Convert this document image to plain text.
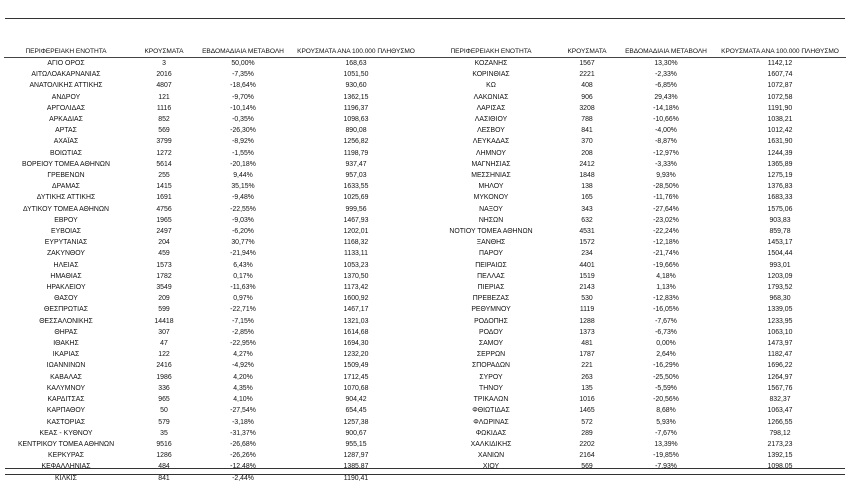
ΠΕΡΙΦΕΡΕΙΑΚΗ ΕΝΟΤΗΤΑ	ΚΡΟΥΣΜΑΤΑ	ΕΒΔΟΜΑΔΙΑΙΑ ΜΕΤΑΒΟΛΗ	ΚΡΟΥΣΜΑΤΑ ΑΝΑ 100.000 ΠΛΗΘΥΣΜΟ	ΠΕΡΙΦΕΡΕΙΑΚΗ ΕΝΟΤΗΤΑ	ΚΡΟΥΣΜΑΤΑ	ΕΒΔΟΜΑΔΙΑΙΑ ΜΕΤΑΒΟΛΗ	ΚΡΟΥΣΜΑΤΑ ΑΝΑ 100.000 ΠΛΗΘΥΣΜΟ
ΑΓΙΟ ΟΡΟΣ	3	50,00%	168,63	ΚΟΖΑΝΗΣ	1567	13,30%	1142,12
ΑΙΤΩΛΟΑΚΑΡΝΑΝΙΑΣ	2016	-7,35%	1051,50	ΚΟΡΙΝΘΙΑΣ	2221	-2,33%	1607,74
ΑΝΑΤΟΛΙΚΗΣ ΑΤΤΙΚΗΣ	4807	-18,64%	930,60	ΚΩ	408	-6,85%	1072,87
ΑΝΔΡΟΥ	121	-9,70%	1362,15	ΛΑΚΩΝΙΑΣ	906	29,43%	1072,58
ΑΡΓΟΛΙΔΑΣ	1116	-10,14%	1196,37	ΛΑΡΙΣΑΣ	3208	-14,18%	1191,90
ΑΡΚΑΔΙΑΣ	852	-0,35%	1098,63	ΛΑΣΙΘΙΟΥ	788	-10,66%	1038,21
ΑΡΤΑΣ	569	-26,30%	890,08	ΛΕΣΒΟΥ	841	-4,00%	1012,42
ΑΧΑΪΑΣ	3799	-8,92%	1256,82	ΛΕΥΚΑΔΑΣ	370	-8,87%	1631,90
ΒΟΙΩΤΙΑΣ	1272	-1,55%	1198,79	ΛΗΜΝΟΥ	208	-12,97%	1244,39
ΒΟΡΕΙΟΥ ΤΟΜΕΑ ΑΘΗΝΩΝ	5614	-20,18%	937,47	ΜΑΓΝΗΣΙΑΣ	2412	-3,33%	1365,89
ΓΡΕΒΕΝΩΝ	255	9,44%	957,03	ΜΕΣΣΗΝΙΑΣ	1848	9,93%	1275,19
ΔΡΑΜΑΣ	1415	35,15%	1633,55	ΜΗΛΟΥ	138	-28,50%	1376,83
ΔΥΤΙΚΗΣ ΑΤΤΙΚΗΣ	1691	-9,48%	1025,69	ΜΥΚΟΝΟΥ	165	-11,76%	1683,33
ΔΥΤΙΚΟΥ ΤΟΜΕΑ ΑΘΗΝΩΝ	4756	-22,55%	999,56	ΝΑΞΟΥ	343	-27,64%	1575,06
ΕΒΡΟΥ	1965	-9,03%	1467,93	ΝΗΣΩΝ	632	-23,02%	903,83
ΕΥΒΟΙΑΣ	2497	-6,20%	1202,01	ΝΟΤΙΟΥ ΤΟΜΕΑ ΑΘΗΝΩΝ	4531	-22,24%	859,78
ΕΥΡΥΤΑΝΙΑΣ	204	30,77%	1168,32	ΞΑΝΘΗΣ	1572	-12,18%	1453,17
ΖΑΚΥΝΘΟΥ	459	-21,94%	1133,11	ΠΑΡΟΥ	234	-21,74%	1504,44
ΗΛΕΙΑΣ	1573	6,43%	1053,23	ΠΕΙΡΑΙΩΣ	4401	-19,66%	993,01
ΗΜΑΘΙΑΣ	1782	0,17%	1370,50	ΠΕΛΛΑΣ	1519	4,18%	1203,09
ΗΡΑΚΛΕΙΟΥ	3549	-11,63%	1173,42	ΠΙΕΡΙΑΣ	2143	1,13%	1793,52
ΘΑΣΟΥ	209	0,97%	1600,92	ΠΡΕΒΕΖΑΣ	530	-12,83%	968,30
ΘΕΣΠΡΩΤΙΑΣ	599	-22,71%	1467,17	ΡΕΘΥΜΝΟΥ	1119	-16,05%	1339,05
ΘΕΣΣΑΛΟΝΙΚΗΣ	14418	-7,15%	1321,03	ΡΟΔΟΠΗΣ	1288	-7,67%	1233,95
ΘΗΡΑΣ	307	-2,85%	1614,68	ΡΟΔΟΥ	1373	-6,73%	1063,10
ΙΘΑΚΗΣ	47	-22,95%	1694,30	ΣΑΜΟΥ	481	0,00%	1473,97
ΙΚΑΡΙΑΣ	122	4,27%	1232,20	ΣΕΡΡΩΝ	1787	2,64%	1182,47
ΙΩΑΝΝΙΝΩΝ	2416	-4,92%	1509,49	ΣΠΟΡΑΔΩΝ	221	-16,29%	1696,22
ΚΑΒΑΛΑΣ	1986	4,20%	1712,45	ΣΥΡΟΥ	263	-25,50%	1264,97
ΚΑΛΥΜΝΟΥ	336	4,35%	1070,68	ΤΗΝΟΥ	135	-5,59%	1567,76
ΚΑΡΔΙΤΣΑΣ	965	4,10%	904,42	ΤΡΙΚΑΛΩΝ	1016	-20,56%	832,37
ΚΑΡΠΑΘΟΥ	50	-27,54%	654,45	ΦΘΙΩΤΙΔΑΣ	1465	8,68%	1063,47
ΚΑΣΤΟΡΙΑΣ	579	-3,18%	1257,38	ΦΛΩΡΙΝΑΣ	572	5,93%	1266,55
ΚΕΑΣ - ΚΥΘΝΟΥ	35	-31,37%	900,67	ΦΩΚΙΔΑΣ	289	-7,67%	798,12
ΚΕΝΤΡΙΚΟΥ ΤΟΜΕΑ ΑΘΗΝΩΝ	9516	-26,68%	955,15	ΧΑΛΚΙΔΙΚΗΣ	2202	13,39%	2173,23
ΚΕΡΚΥΡΑΣ	1286	-26,26%	1287,97	ΧΑΝΙΩΝ	2164	-19,85%	1392,15
ΚΕΦΑΛΛΗΝΙΑΣ	484	-12,48%	1385,87	ΧΙΟΥ	569	-7,93%	1098,05
ΚΙΛΚΙΣ	841	-2,44%	1190,41				
